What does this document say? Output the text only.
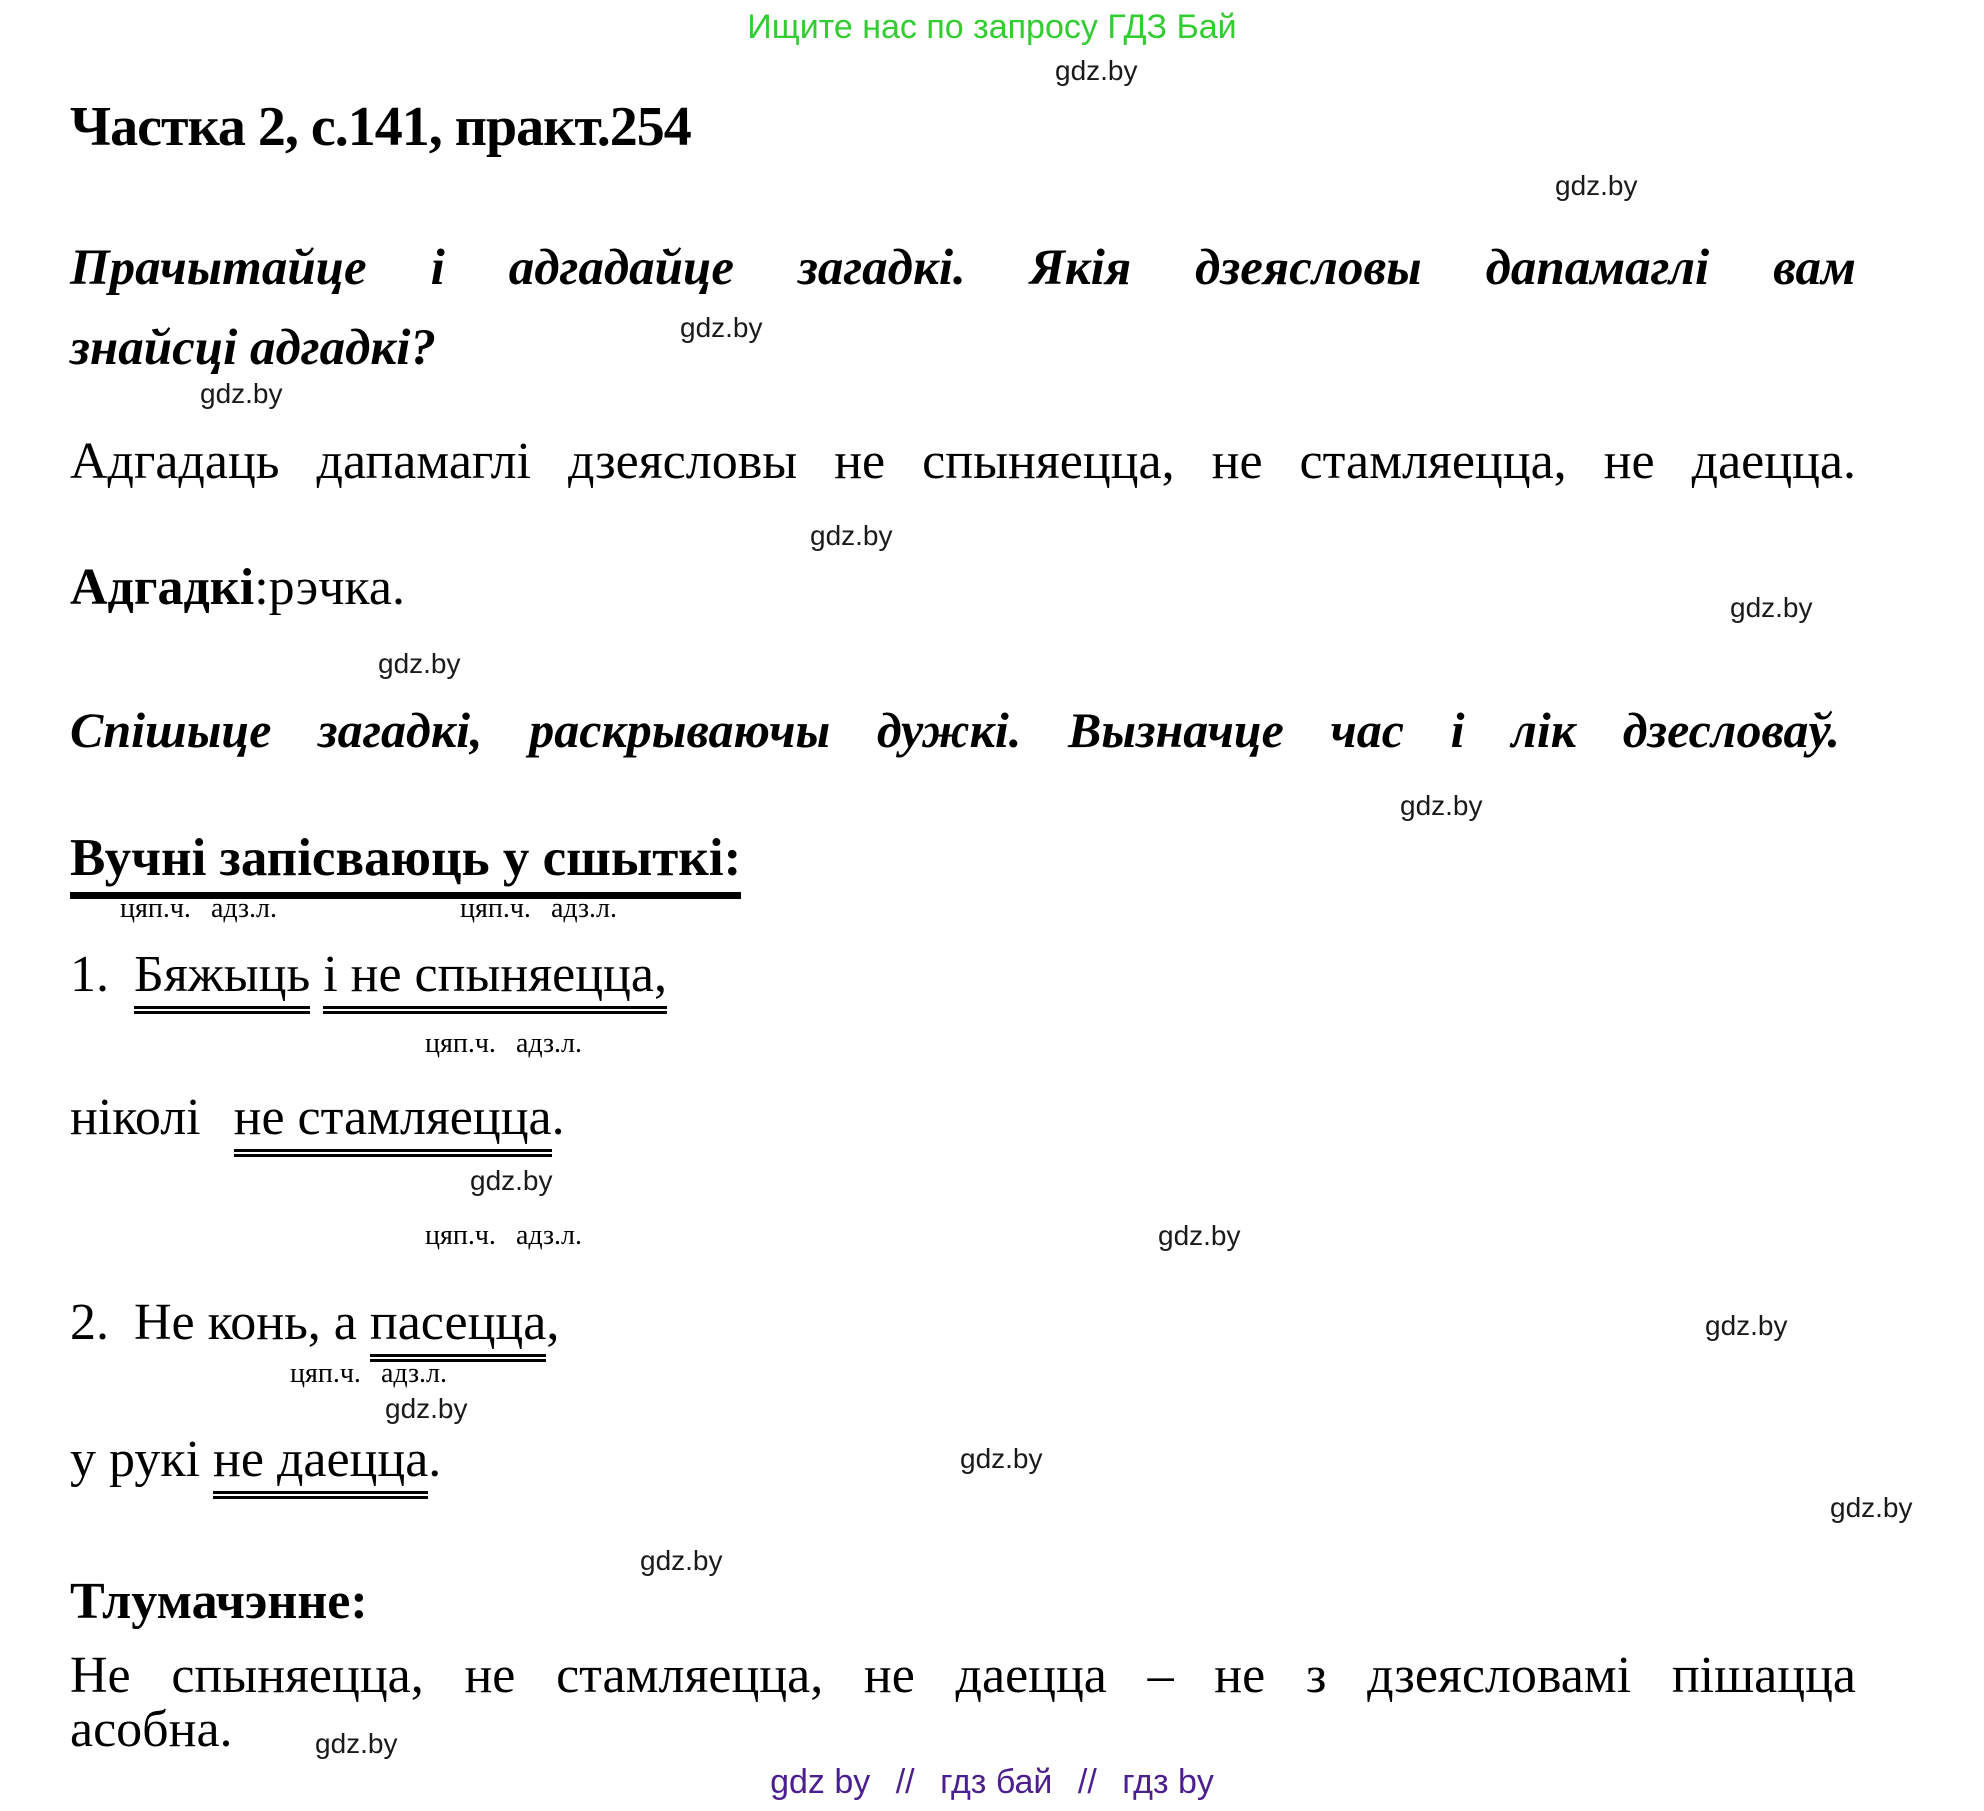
Ищите нас по запросу ГДЗ Бай
gdz.by
gdz.by
gdz.by
gdz.by
gdz.by
gdz.by
gdz.by
gdz.by
gdz.by
gdz.by
gdz.by
gdz.by
gdz.by
gdz.by
gdz.by
gdz.by
Частка 2, с.141, практ.254
Прачытайце і адгадайце загадкі. Якія дзеясловы дапамаглі вам
знайсці адгадкі?
Адгадаць дапамаглі дзеясловы не спыняецца, не стамляецца, не даецца.
Адгадкі:рэчка.
Спішыце загадкі, раскрываючы дужкі. Вызначце час і лік дзесловаў.
Вучні запісваюць у сшыткі:
цяп.ч. адз.л.	цяп.ч. адз.л.
1. Бяжыць і не спыняецца,
цяп.ч. адз.л.
ніколі не стамляецца.
цяп.ч. адз.л.
2. Не конь, а пасецца,
цяп.ч. адз.л.
у рукі не даецца.
Тлумачэнне:
Не спыняецца, не стамляецца, не даецца – не з дзеясловамі пішацца
асобна.
gdz by // гдз бай // гдз by
